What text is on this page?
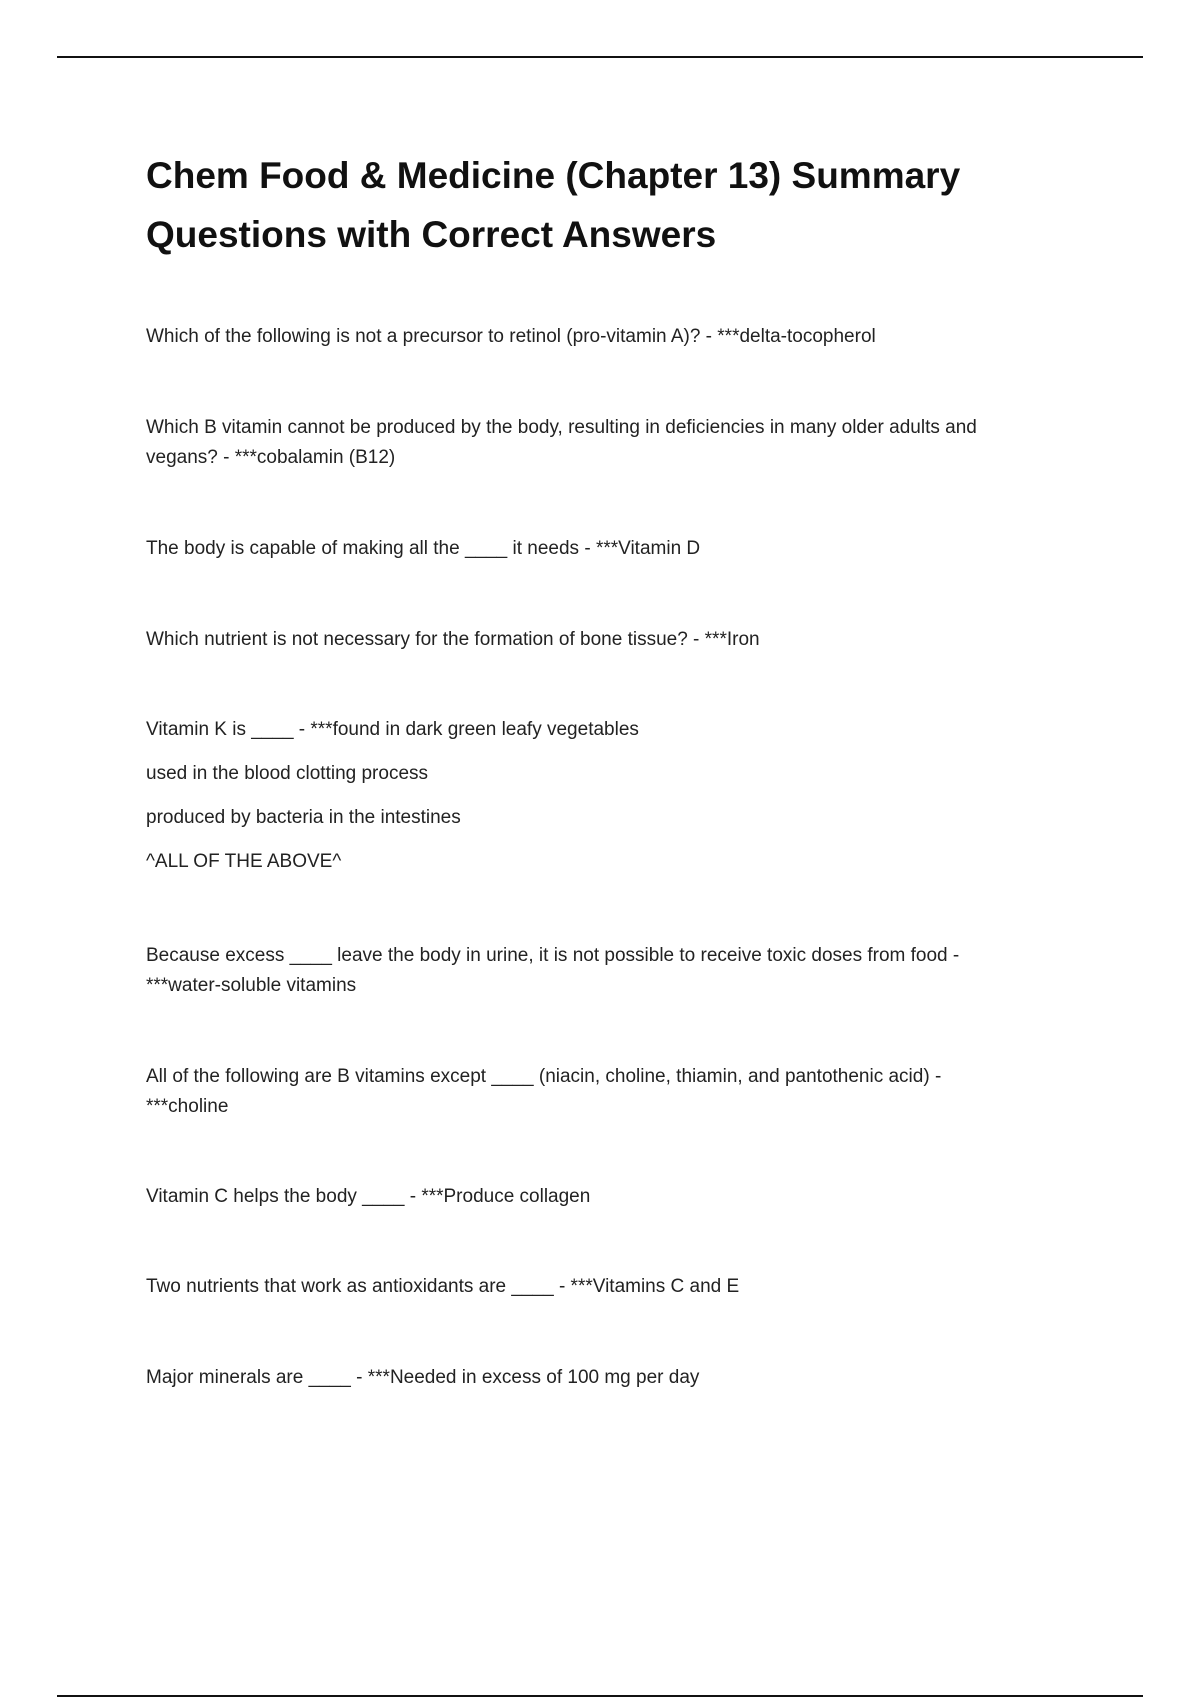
Chem Food & Medicine (Chapter 13) Summary
Questions with Correct Answers
Which of the following is not a precursor to retinol (pro-vitamin A)? - ***delta-tocopherol
Which B vitamin cannot be produced by the body, resulting in deficiencies in many older adults and
vegans? - ***cobalamin (B12)
The body is capable of making all the ____ it needs - ***Vitamin D
Which nutrient is not necessary for the formation of bone tissue? - ***Iron
Vitamin K is ____ - ***found in dark green leafy vegetables
used in the blood clotting process
produced by bacteria in the intestines
^ALL OF THE ABOVE^
Because excess ____ leave the body in urine, it is not possible to receive toxic doses from food -
***water-soluble vitamins
All of the following are B vitamins except ____ (niacin, choline, thiamin, and pantothenic acid) -
***choline
Vitamin C helps the body ____ - ***Produce collagen
Two nutrients that work as antioxidants are ____ - ***Vitamins C and E
Major minerals are ____ - ***Needed in excess of 100 mg per day
